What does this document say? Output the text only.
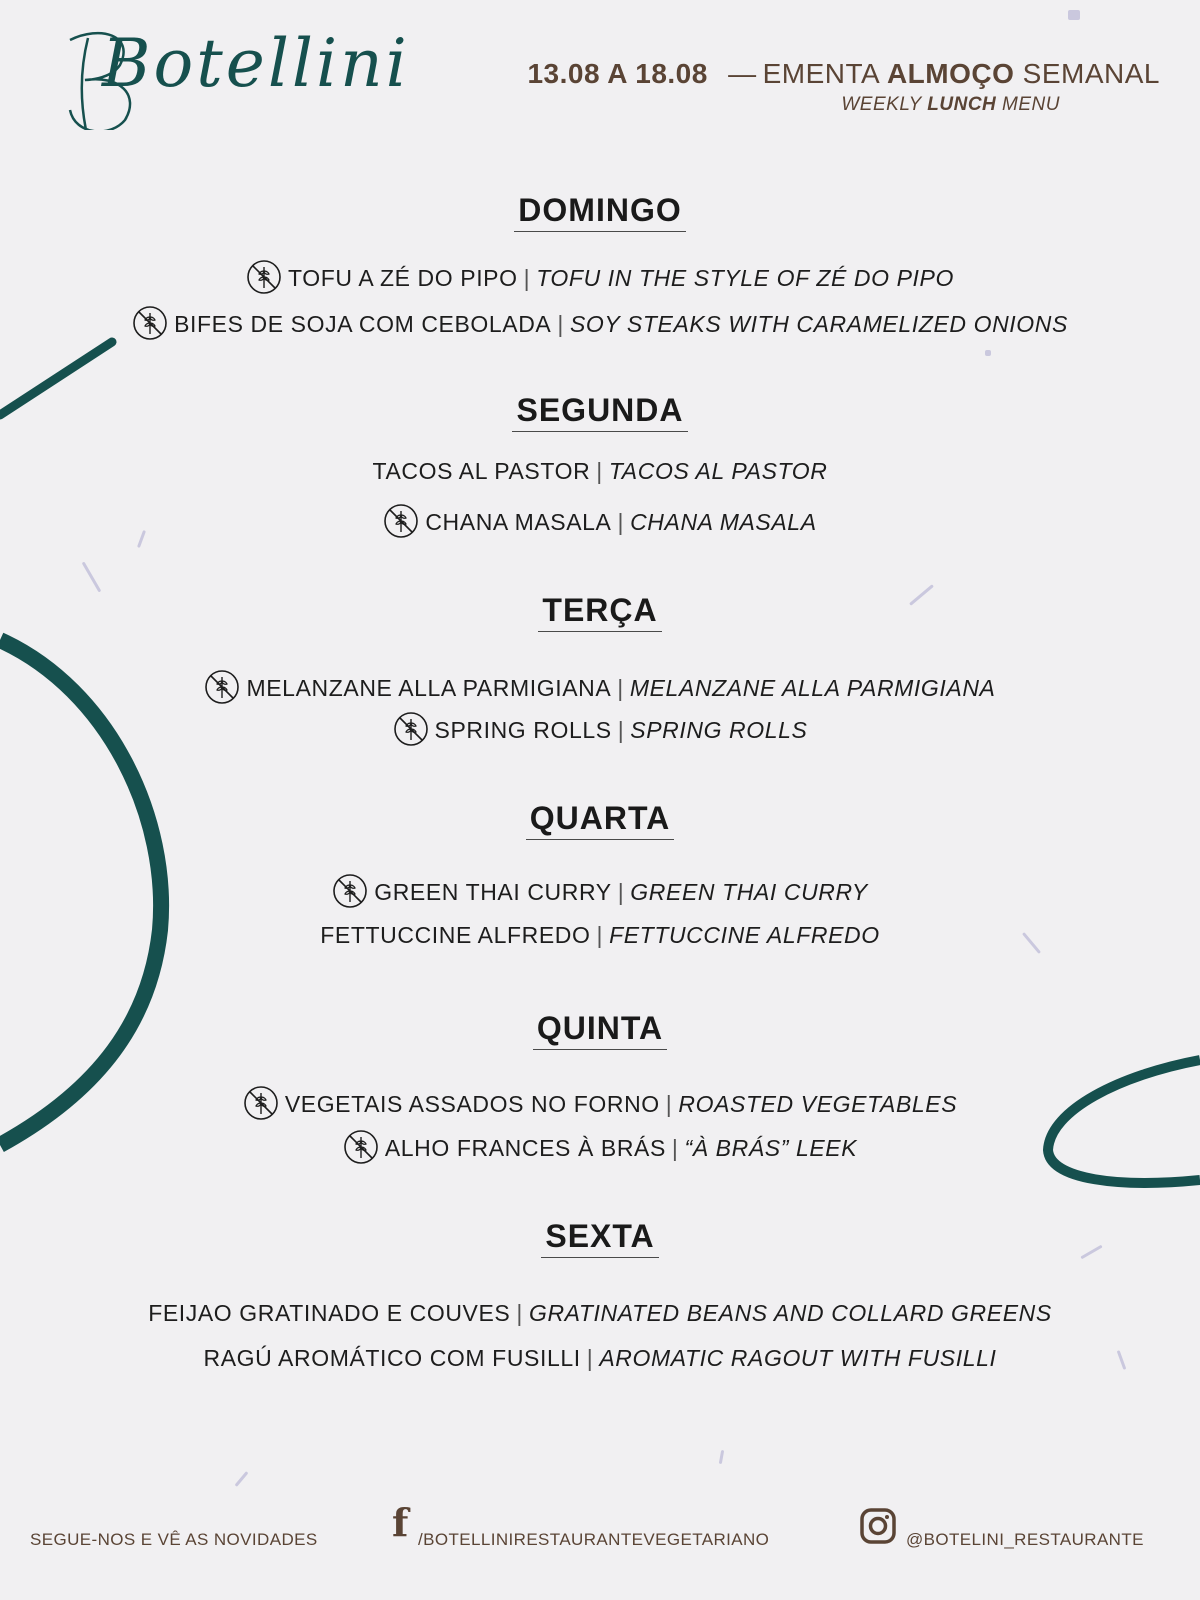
Botellini	13.08 A 18.08 — EMENTA ALMOÇO SEMANAL
WEEKLY LUNCH MENU
DOMINGO
TOFU A ZÉ DO PIPO | TOFU IN THE STYLE OF ZÉ DO PIPO
BIFES DE SOJA COM CEBOLADA | SOY STEAKS WITH CARAMELIZED ONIONS
SEGUNDA
TACOS AL PASTOR | TACOS AL PASTOR
CHANA MASALA | CHANA MASALA
TERÇA
MELANZANE ALLA PARMIGIANA | MELANZANE ALLA PARMIGIANA
SPRING ROLLS | SPRING ROLLS
QUARTA
GREEN THAI CURRY | GREEN THAI CURRY
FETTUCCINE ALFREDO | FETTUCCINE ALFREDO
QUINTA
VEGETAIS ASSADOS NO FORNO | ROASTED VEGETABLES
ALHO FRANCES À BRÁS | “À BRÁS” LEEK
SEXTA
FEIJAO GRATINADO E COUVES | GRATINATED BEANS AND COLLARD GREENS
RAGÚ AROMÁTICO COM FUSILLI | AROMATIC RAGOUT WITH FUSILLI
SEGUE-NOS E VÊ AS NOVIDADES f /BOTELLINIRESTAURANTEVEGETARIANO	@BOTELINI_RESTAURANTE
